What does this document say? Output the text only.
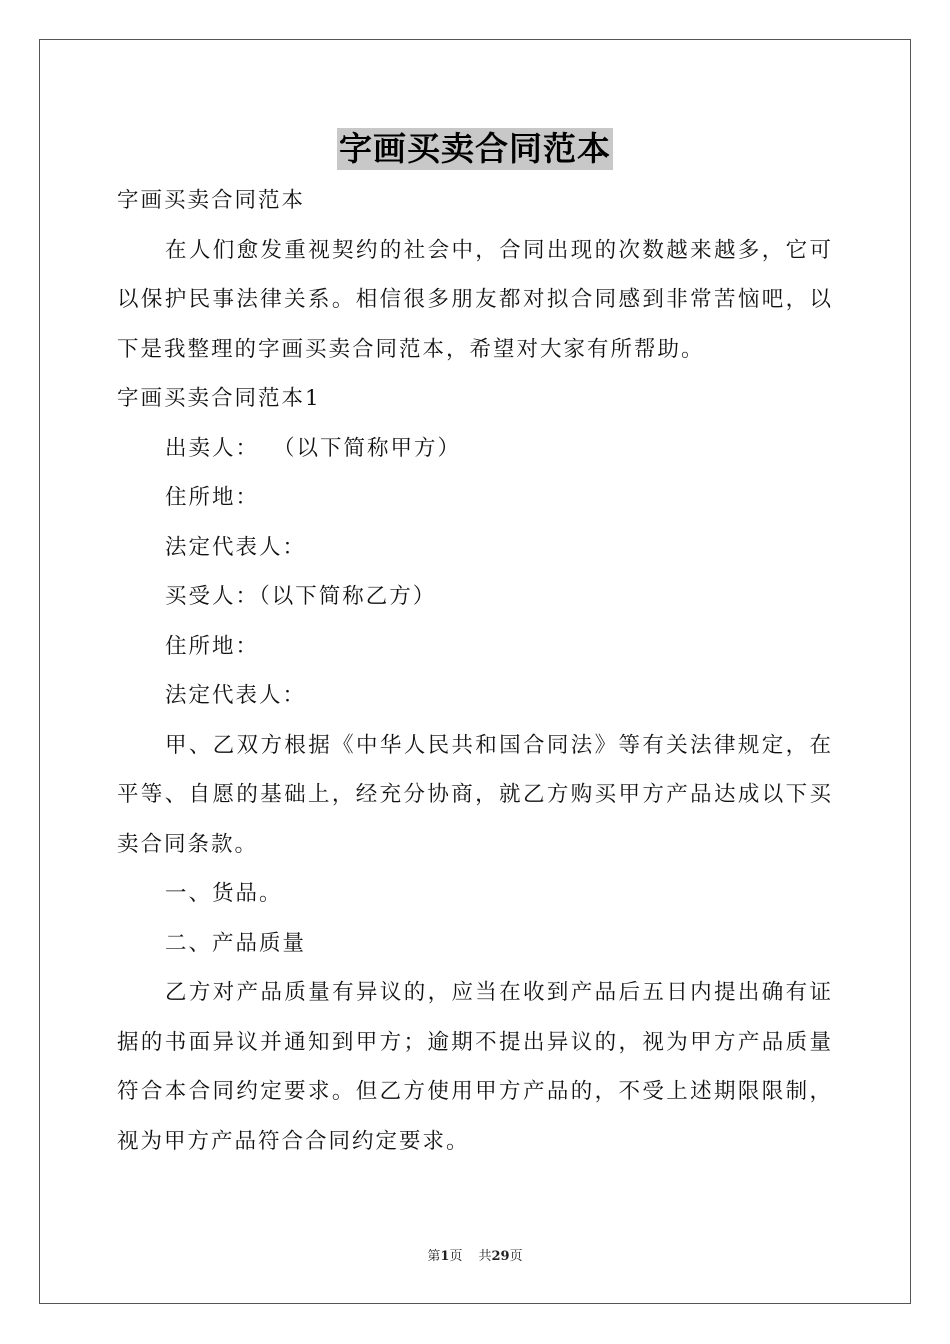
字画买卖合同范本

字画买卖合同范本

在人们愈发重视契约的社会中，合同出现的次数越来越多，它可以保护民事法律关系。相信很多朋友都对拟合同感到非常苦恼吧，以下是我整理的字画买卖合同范本，希望对大家有所帮助。

字画买卖合同范本1

出卖人： （以下简称甲方）

住所地：

法定代表人：

买受人：（以下简称乙方）

住所地：

法定代表人：

甲、乙双方根据《中华人民共和国合同法》等有关法律规定，在平等、自愿的基础上，经充分协商，就乙方购买甲方产品达成以下买卖合同条款。

一、货品。

二、产品质量

乙方对产品质量有异议的，应当在收到产品后五日内提出确有证据的书面异议并通知到甲方；逾期不提出异议的，视为甲方产品质量符合本合同约定要求。但乙方使用甲方产品的，不受上述期限限制，视为甲方产品符合合同约定要求。

第1页 共29页
